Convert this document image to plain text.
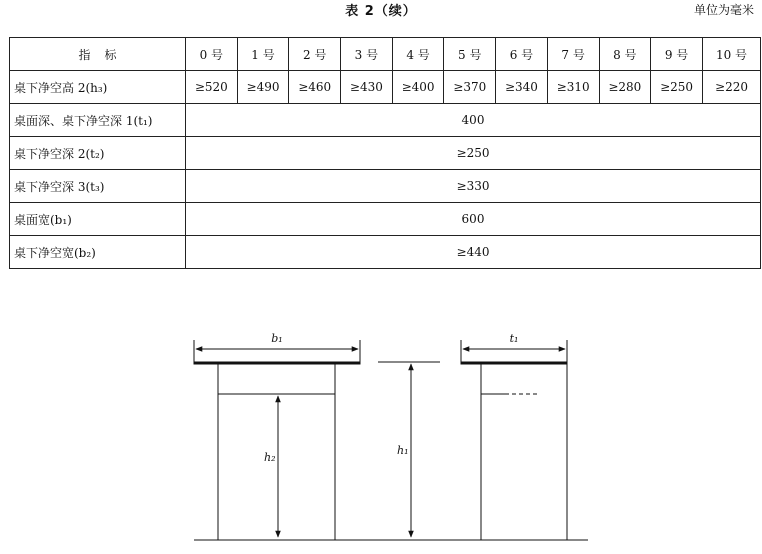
表 2（续）	单位为毫米
指标	0 号	1 号	2 号	3 号	4 号	5 号	6 号	7 号	8 号	9 号	10 号
桌下净空高 2(h₃)	≥520	≥490	≥460	≥430	≥400	≥370	≥340	≥310	≥280	≥250	≥220
桌面深、桌下净空深 1(t₁)	400										
桌下净空深 2(t₂)	≥250										
桌下净空深 3(t₃)	≥330										
桌面宽(b₁)	600										
桌下净空宽(b₂)	≥440										
b₁
h₂
h₁
t₁
